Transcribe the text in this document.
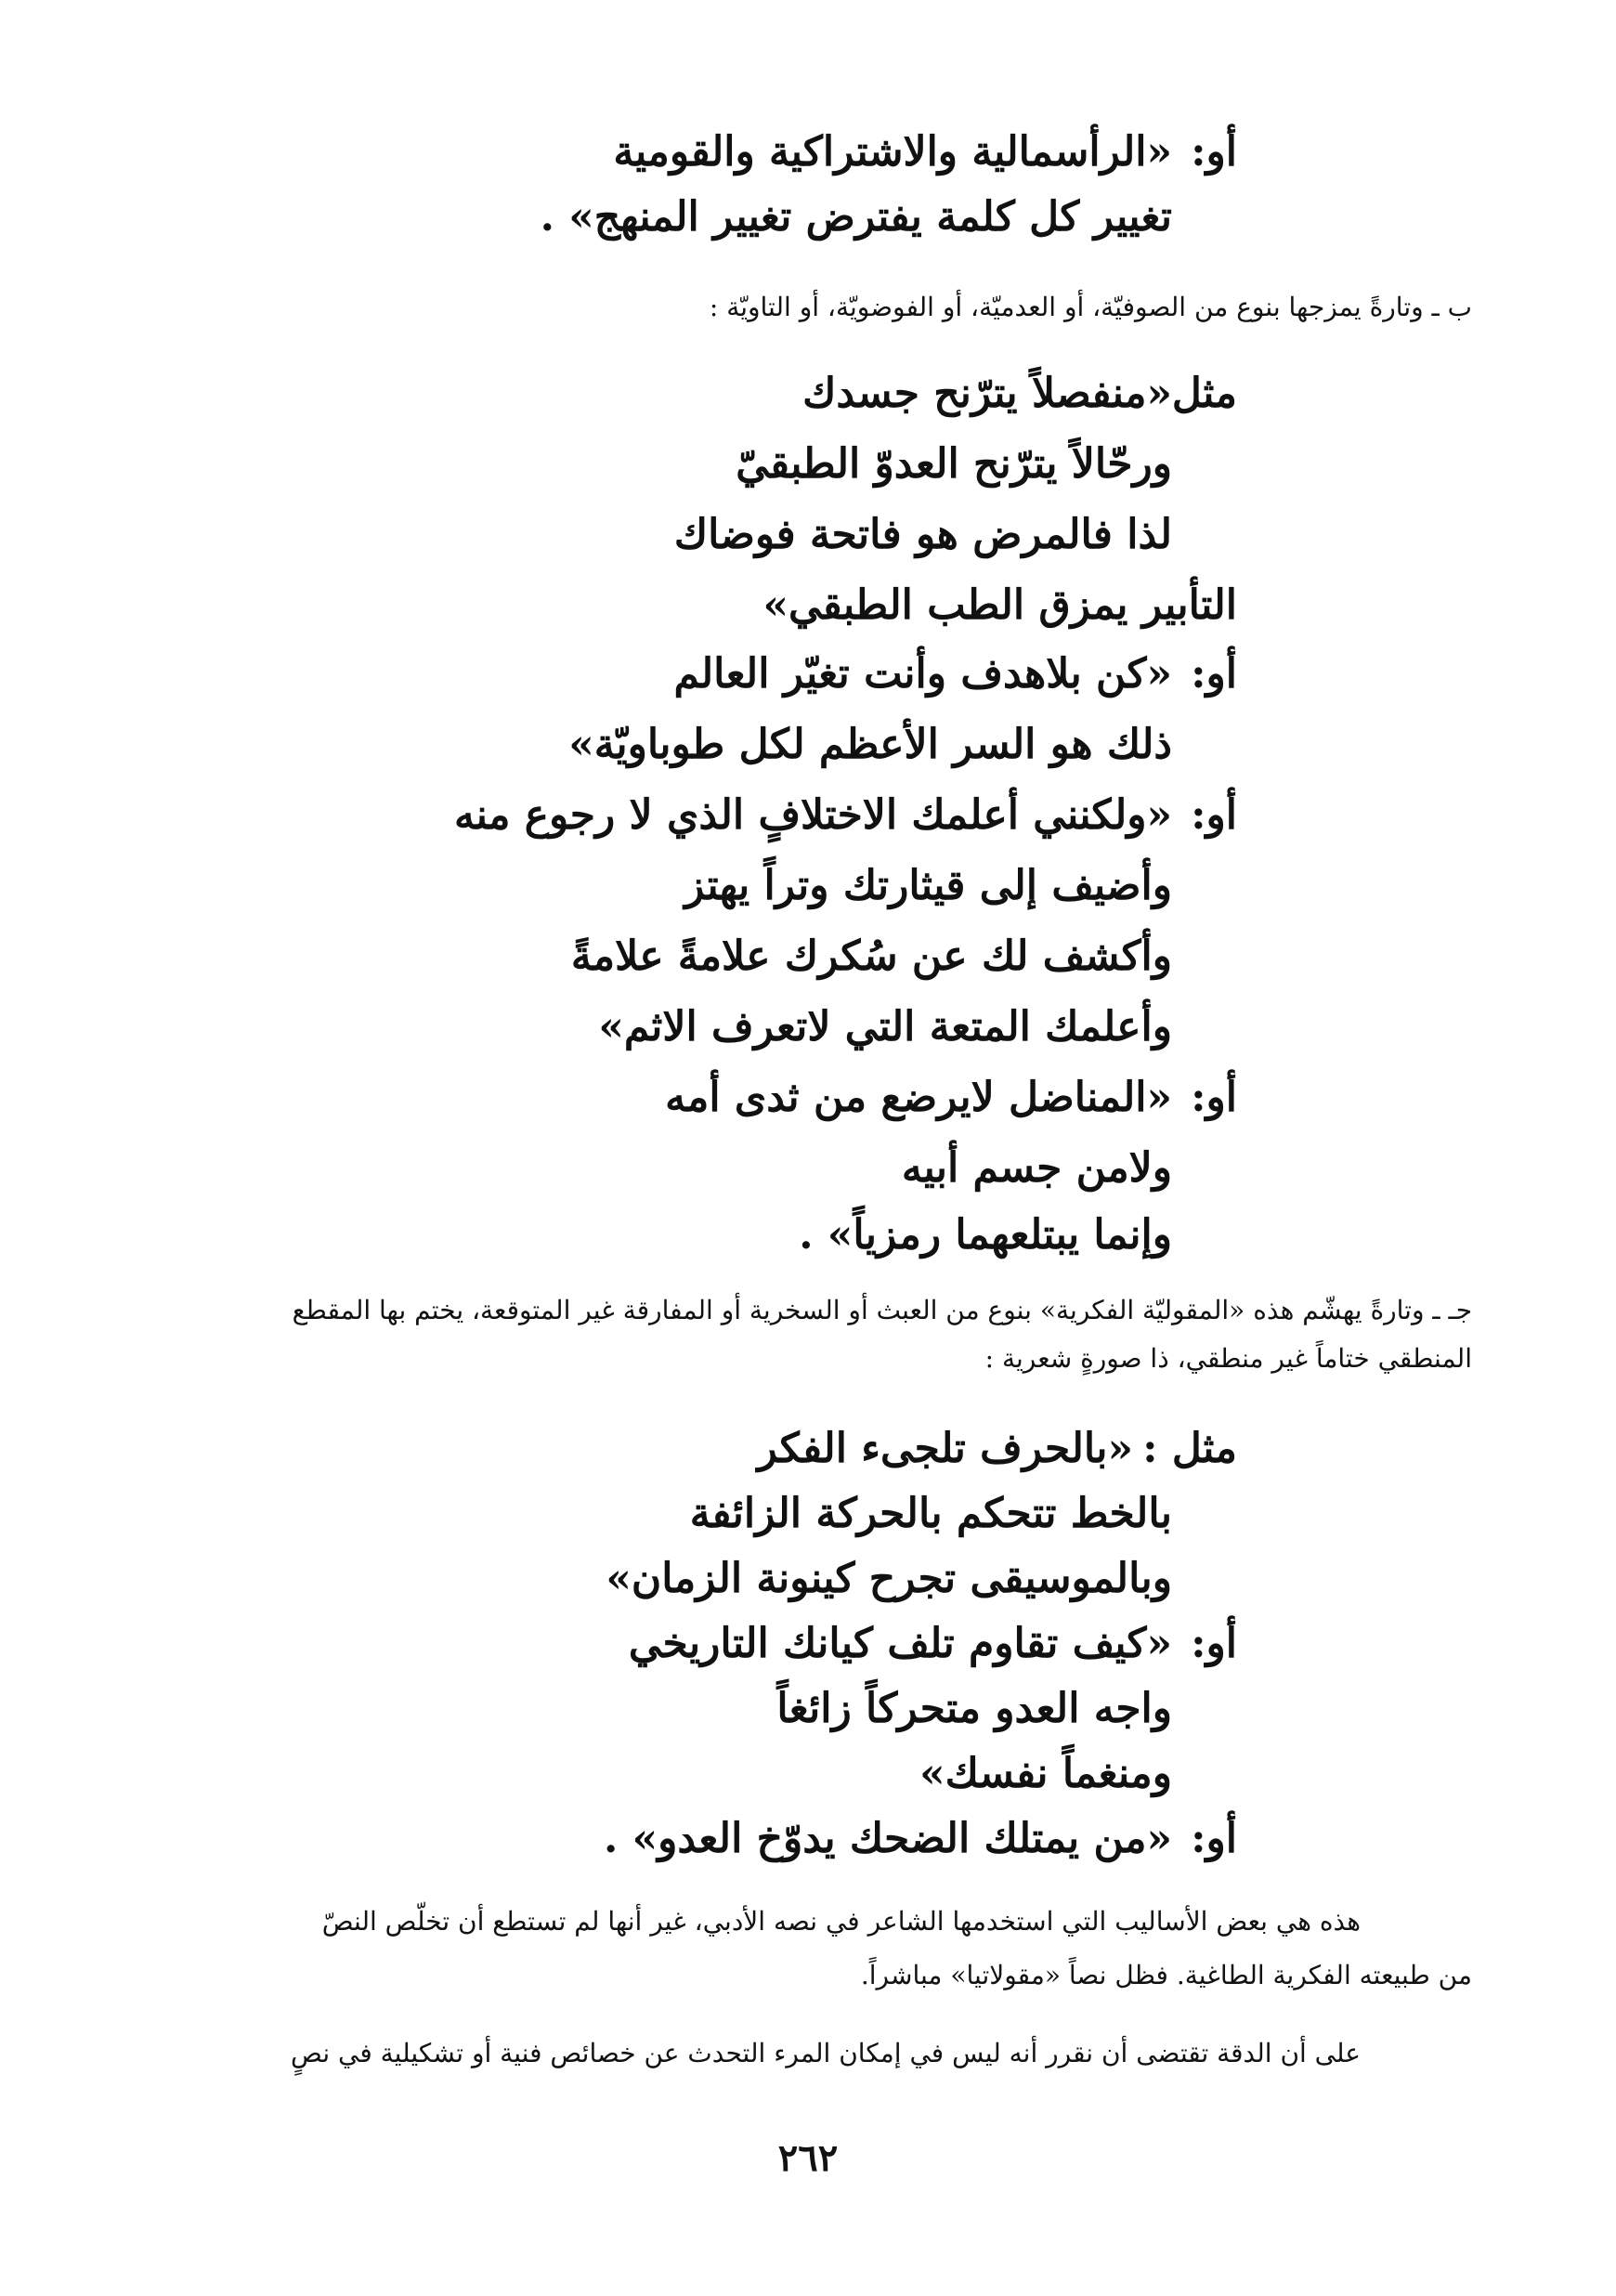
أو:
«الرأسمالية والاشتراكية والقومية
تغيير كل كلمة يفترض تغيير المنهج» .
ب ـ وتارةً يمزجها بنوع من الصوفيّة، أو العدميّة، أو الفوضويّة، أو التاويّة :
مثل
«منفصلاً يترّنح جسدك
ورحّالاً يترّنح العدوّ الطبقيّ
لذا فالمرض هو فاتحة فوضاك
التأبير يمزق الطب الطبقي»
أو:
«كن بلاهدف وأنت تغيّر العالم
ذلك هو السر الأعظم لكل طوباويّة»
أو:
«ولكنني أعلمك الاختلافٍ الذي لا رجوع منه
وأضيف إلى قيثارتك وتراً يهتز
وأكشف لك عن سُكرك علامةً علامةً
وأعلمك المتعة التي لاتعرف الاثم»
أو:
«المناضل لايرضع من ثدى أمه
ولامن جسم أبيه
وإنما يبتلعهما رمزياً» .
جـ ـ وتارةً يهشّم هذه «المقوليّة الفكرية» بنوع من العبث أو السخرية أو المفارقة غير المتوقعة، يختم بها المقطع
المنطقي ختاماً غير منطقي، ذا صورةٍ شعرية :
مثل :
«بالحرف تلجىء الفكر
بالخط تتحكم بالحركة الزائفة
وبالموسيقى تجرح كينونة الزمان»
أو:
«كيف تقاوم تلف كيانك التاريخي
واجه العدو متحركاً زائغاً
ومنغماً نفسك»
أو:
«من يمتلك الضحك يدوّخ العدو» .
هذه هي بعض الأساليب التي استخدمها الشاعر في نصه الأدبي، غير أنها لم تستطع أن تخلّص النصّ
من طبيعته الفكرية الطاغية. فظل نصاً «مقولاتيا» مباشراً.
على أن الدقة تقتضى أن نقرر أنه ليس في إمكان المرء التحدث عن خصائص فنية أو تشكيلية في نصٍ
٢٦٢
